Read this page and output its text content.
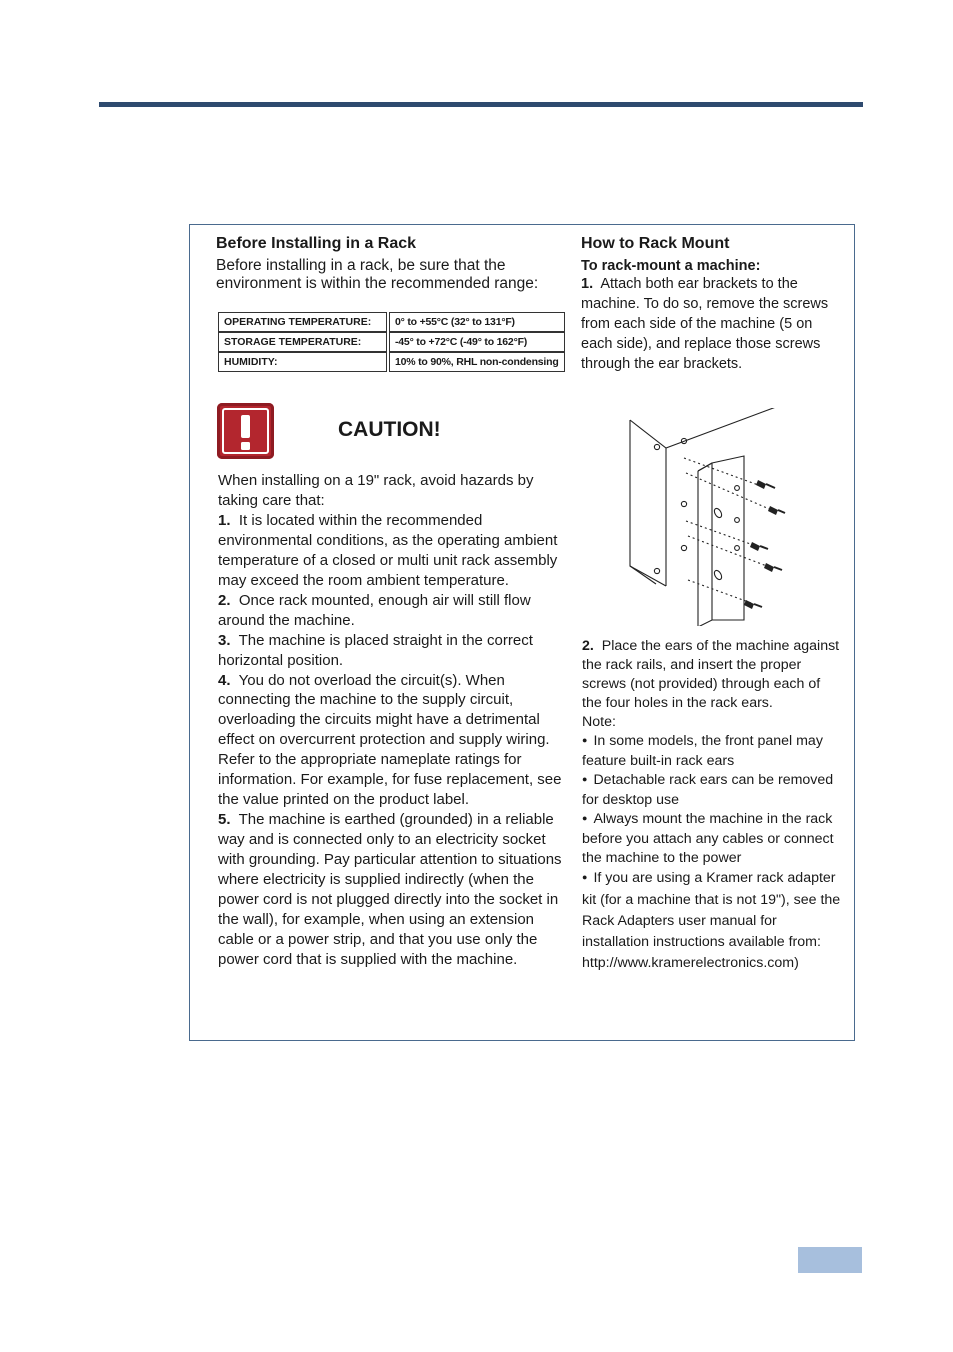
Before Installing in a Rack

Before installing in a rack, be sure that the environment is within the recommended range:

OPERATING TEMPERATURE:	0° to +55°C (32° to 131°F)
STORAGE TEMPERATURE:	-45° to +72°C (-49° to 162°F)
HUMIDITY:	10% to 90%, RHL non-condensing

CAUTION!

When installing on a 19" rack, avoid hazards by taking care that:

1. It is located within the recommended environmental conditions, as the operating ambient temperature of a closed or multi unit rack assembly may exceed the room ambient temperature.

2. Once rack mounted, enough air will still flow around the machine.

3. The machine is placed straight in the correct horizontal position.

4. You do not overload the circuit(s). When connecting the machine to the supply circuit, overloading the circuits might have a detrimental effect on overcurrent protection and supply wiring. Refer to the appropriate nameplate ratings for information. For example, for fuse replacement, see the value printed on the product label.

5. The machine is earthed (grounded) in a reliable way and is connected only to an electricity socket with grounding. Pay particular attention to situations where electricity is supplied indirectly (when the power cord is not plugged directly into the socket in the wall), for example, when using an extension cable or a power strip, and that you use only the power cord that is supplied with the machine.

How to Rack Mount

To rack-mount a machine:

1. Attach both ear brackets to the machine. To do so, remove the screws from each side of the machine (5 on each side), and replace those screws through the ear brackets.

2. Place the ears of the machine against the rack rails, and insert the proper screws (not provided) through each of the four holes in the rack ears.

Note:

● In some models, the front panel may feature built-in rack ears

● Detachable rack ears can be removed for desktop use

● Always mount the machine in the rack before you attach any cables or connect the machine to the power

● If you are using a Kramer rack adapter kit (for a machine that is not 19"), see the Rack Adapters user manual for installation instructions available from: http://www.kramerelectronics.com)
